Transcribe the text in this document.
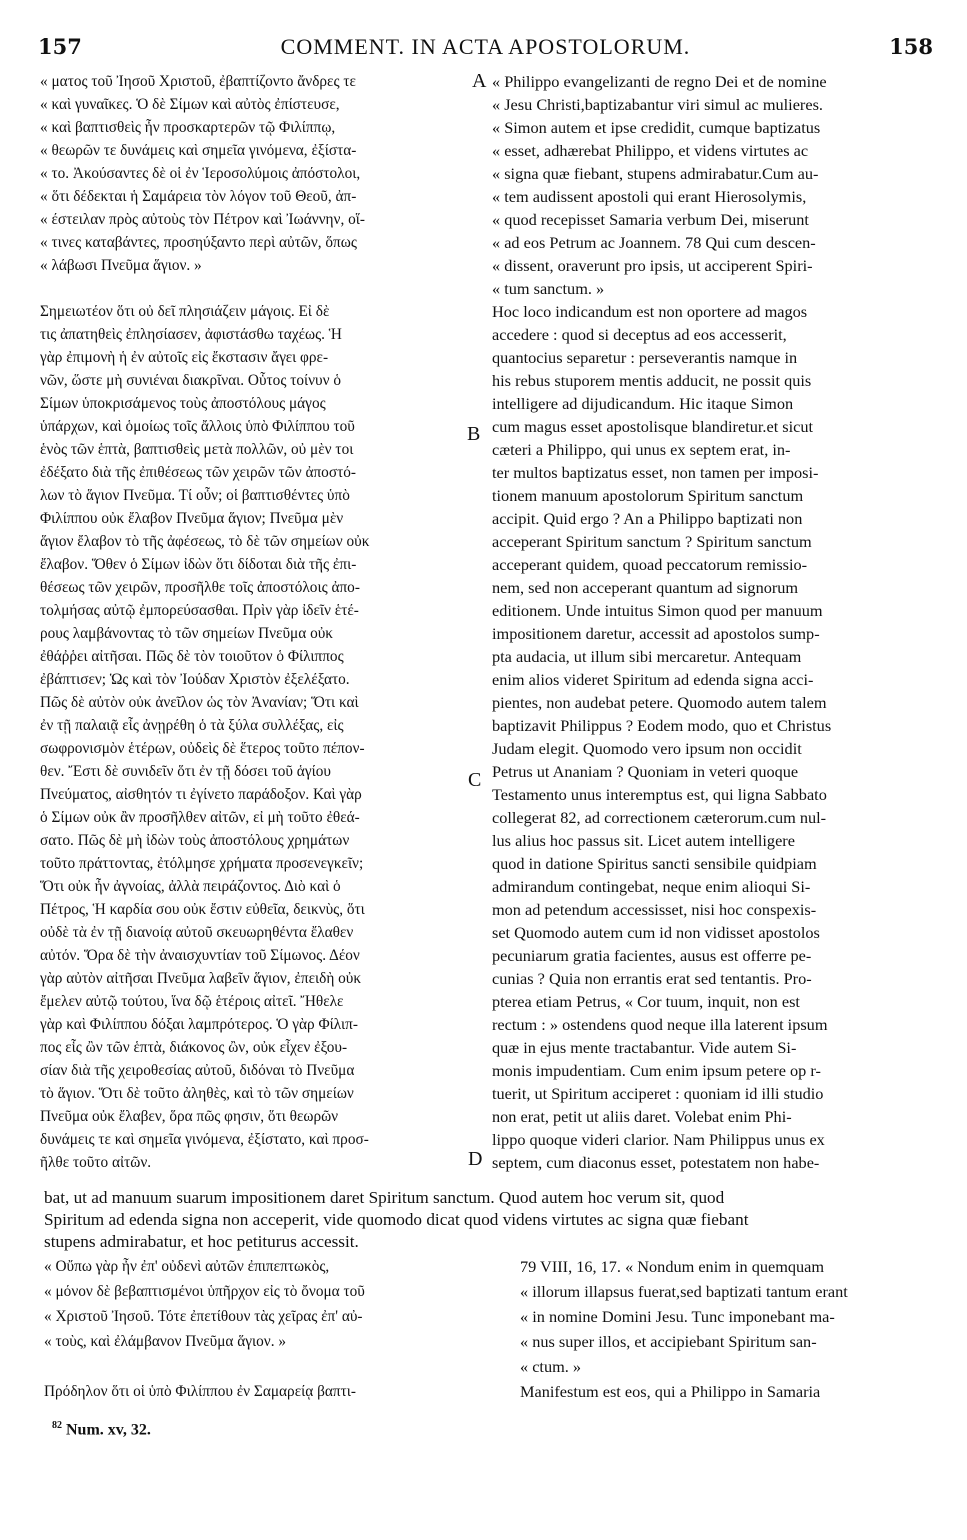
157	COMMENT. IN ACTA APOSTOLORUM.	158
« ματος τοῦ Ἰησοῦ Χριστοῦ, ἐβαπτίζοντο ἄνδρες τε
« καὶ γυναῖκες. Ὁ δὲ Σίμων καὶ αὐτὸς ἐπίστευσε,
« καὶ βαπτισθεὶς ἦν προσκαρτερῶν τῷ Φιλίππῳ,
« θεωρῶν τε δυνάμεις καὶ σημεῖα γινόμενα, ἐξίστα-
« το. Ἀκούσαντες δὲ οἱ ἐν Ἱεροσολύμοις ἀπόστολοι,
« ὅτι δέδεκται ἡ Σαμάρεια τὸν λόγον τοῦ Θεοῦ, ἀπ-
« έστειλαν πρὸς αὐτοὺς τὸν Πέτρον καὶ Ἰωάννην, οἵ-
« τινες καταβάντες, προσηύξαντο περὶ αὐτῶν, ὅπως
« λάβωσι Πνεῦμα ἅγιον. »

Σημειωτέον ὅτι οὐ δεῖ πλησιάζειν μάγοις. Εἰ δὲ
τις ἀπατηθεὶς ἐπλησίασεν, ἀφιστάσθω ταχέως. Ἡ
γὰρ ἐπιμονὴ ἡ ἐν αὐτοῖς εἰς ἔκστασιν ἄγει φρε-
νῶν, ὥστε μὴ συνιέναι διακρῖναι. Οὗτος τοίνυν ὁ
Σίμων ὑποκρισάμενος τοὺς ἀποστόλους μάγος
ὑπάρχων, καὶ ὁμοίως τοῖς ἄλλοις ὑπὸ Φιλίππου τοῦ
ἑνὸς τῶν ἑπτὰ, βαπτισθεὶς μετὰ πολλῶν, οὐ μὲν τοι
ἐδέξατο διὰ τῆς ἐπιθέσεως τῶν χειρῶν τῶν ἀποστό-
λων τὸ ἅγιον Πνεῦμα. Τί οὖν; οἱ βαπτισθέντες ὑπὸ
Φιλίππου οὐκ ἔλαβον Πνεῦμα ἅγιον; Πνεῦμα μὲν
ἅγιον ἔλαβον τὸ τῆς ἀφέσεως, τὸ δὲ τῶν σημείων οὐκ
ἔλαβον. Ὅθεν ὁ Σίμων ἰδὼν ὅτι δίδοται διὰ τῆς ἐπι-
θέσεως τῶν χειρῶν, προσῆλθε τοῖς ἀποστόλοις ἀπο-
τολμήσας αὐτῷ ἐμπορεύσασθαι. Πρὶν γὰρ ἰδεῖν ἑτέ-
ρους λαμβάνοντας τὸ τῶν σημείων Πνεῦμα οὐκ
ἐθάῤῥει αἰτῆσαι. Πῶς δὲ τὸν τοιοῦτον ὁ Φίλιππος
ἐβάπτισεν; Ὡς καὶ τὸν Ἰούδαν Χριστὸν ἐξελέξατο.
Πῶς δὲ αὐτὸν οὐκ ἀνεῖλον ὡς τὸν Ἀνανίαν; Ὅτι καὶ
ἐν τῇ παλαιᾷ εἷς ἀνῃρέθη ὁ τὰ ξύλα συλλέξας, εἰς
σωφρονισμὸν ἑτέρων, οὐδεὶς δὲ ἕτερος τοῦτο πέπον-
θεν. Ἔστι δὲ συνιδεῖν ὅτι ἐν τῇ δόσει τοῦ ἁγίου
Πνεύματος, αἰσθητόν τι ἐγίνετο παράδοξον. Καὶ γὰρ
ὁ Σίμων οὐκ ἂν προσῆλθεν αἰτῶν, εἰ μὴ τοῦτο ἐθεά-
σατο. Πῶς δὲ μὴ ἰδὼν τοὺς ἀποστόλους χρημάτων
τοῦτο πράττοντας, ἐτόλμησε χρήματα προσενεγκεῖν;
Ὅτι οὐκ ἦν ἀγνοίας, ἀλλὰ πειράζοντος. Διὸ καὶ ὁ
Πέτρος, Ἡ καρδία σου οὐκ ἔστιν εὐθεῖα, δεικνὺς, ὅτι
οὐδὲ τὰ ἐν τῇ διανοίᾳ αὐτοῦ σκευωρηθέντα ἔλαθεν
αὐτόν. Ὅρα δὲ τὴν ἀναισχυντίαν τοῦ Σίμωνος. Δέον
γὰρ αὐτὸν αἰτῆσαι Πνεῦμα λαβεῖν ἅγιον, ἐπειδὴ οὐκ
ἔμελεν αὐτῷ τούτου, ἵνα δῷ ἑτέροις αἰτεῖ. Ἤθελε
γὰρ καὶ Φιλίππου δόξαι λαμπρότερος. Ὁ γὰρ Φίλιπ-
πος εἷς ὢν τῶν ἑπτὰ, διάκονος ὢν, οὐκ εἶχεν ἐξου-
σίαν διὰ τῆς χειροθεσίας αὐτοῦ, διδόναι τὸ Πνεῦμα
τὸ ἅγιον. Ὅτι δὲ τοῦτο ἀληθὲς, καὶ τὸ τῶν σημείων
Πνεῦμα οὐκ ἔλαβεν, ὅρα πῶς φησιν, ὅτι θεωρῶν
δυνάμεις τε καὶ σημεῖα γινόμενα, ἐξίστατο, καὶ προσ-
ῆλθε τοῦτο αἰτῶν.
« Philippo evangelizanti de regno Dei et de nomine
« Jesu Christi,baptizabantur viri simul ac mulieres.
« Simon autem et ipse credidit, cumque baptizatus
« esset, adhærebat Philippo, et videns virtutes ac
« signa quæ fiebant, stupens admirabatur.Cum au-
« tem audissent apostoli qui erant Hierosolymis,
« quod recepisset Samaria verbum Dei, miserunt
« ad eos Petrum ac Joannem. 78 Qui cum descen-
« dissent, oraverunt pro ipsis, ut acciperent Spiri-
« tum sanctum. »
Hoc loco indicandum est non oportere ad magos
accedere : quod si deceptus ad eos accesserit,
quantocius separetur : perseverantis namque in
his rebus stuporem mentis adducit, ne possit quis
intelligere ad dijudicandum. Hic itaque Simon
cum magus esset apostolisque blandiretur.et sicut
cæteri a Philippo, qui unus ex septem erat, in-
ter multos baptizatus esset, non tamen per imposi-
tionem manuum apostolorum Spiritum sanctum
accipit. Quid ergo ? An a Philippo baptizati non
acceperant Spiritum sanctum ? Spiritum sanctum
acceperant quidem, quoad peccatorum remissio-
nem, sed non acceperant quantum ad signorum
editionem. Unde intuitus Simon quod per manuum
impositionem daretur, accessit ad apostolos sump-
pta audacia, ut illum sibi mercaretur. Antequam
enim alios videret Spiritum ad edenda signa acci-
pientes, non audebat petere. Quomodo autem talem
baptizavit Philippus ? Eodem modo, quo et Christus
Judam elegit. Quomodo vero ipsum non occidit
Petrus ut Ananiam ? Quoniam in veteri quoque
Testamento unus interemptus est, qui ligna Sabbato
collegerat 82, ad correctionem cæterorum.cum nul-
lus alius hoc passus sit. Licet autem intelligere
quod in datione Spiritus sancti sensibile quidpiam
admirandum contingebat, neque enim alioqui Si-
mon ad petendum accessisset, nisi hoc conspexis-
set Quomodo autem cum id non vidisset apostolos
pecuniarum gratia facientes, ausus est offerre pe-
cunias ? Quia non errantis erat sed tentantis. Pro-
pterea etiam Petrus, « Cor tuum, inquit, non est
rectum : » ostendens quod neque illa laterent ipsum
quæ in ejus mente tractabantur. Vide autem Si-
monis impudentiam. Cum enim ipsum petere op r-
tuerit, ut Spiritum acciperet : quoniam id illi studio
non erat, petit ut aliis daret. Volebat enim Phi-
lippo quoque videri clarior. Nam Philippus unus ex
septem, cum diaconus esset, potestatem non habe-
A
B
C
D
bat, ut ad manuum suarum impositionem daret Spiritum sanctum. Quod autem hoc verum sit, quod
Spiritum ad edenda signa non acceperit, vide quomodo dicat quod videns virtutes ac signa quæ fiebant
stupens admirabatur, et hoc petiturus accessit.
« Οὔπω γὰρ ἦν ἐπ' οὐδενὶ αὐτῶν ἐπιπεπτωκὸς,
« μόνον δὲ βεβαπτισμένοι ὑπῆρχον εἰς τὸ ὄνομα τοῦ
« Χριστοῦ Ἰησοῦ. Τότε ἐπετίθουν τὰς χεῖρας ἐπ' αὐ-
« τοὺς, καὶ ἐλάμβανον Πνεῦμα ἅγιον. »

Πρόδηλον ὅτι οἱ ὑπὸ Φιλίππου ἐν Σαμαρείᾳ βαπτι-
79 VIII, 16, 17. « Nondum enim in quemquam
« illorum illapsus fuerat,sed baptizati tantum erant
« in nomine Domini Jesu. Tunc imponebant ma-
« nus super illos, et accipiebant Spiritum san-
« ctum. »
Manifestum est eos, qui a Philippo in Samaria
$^{82}$ Num. xv, 32.
